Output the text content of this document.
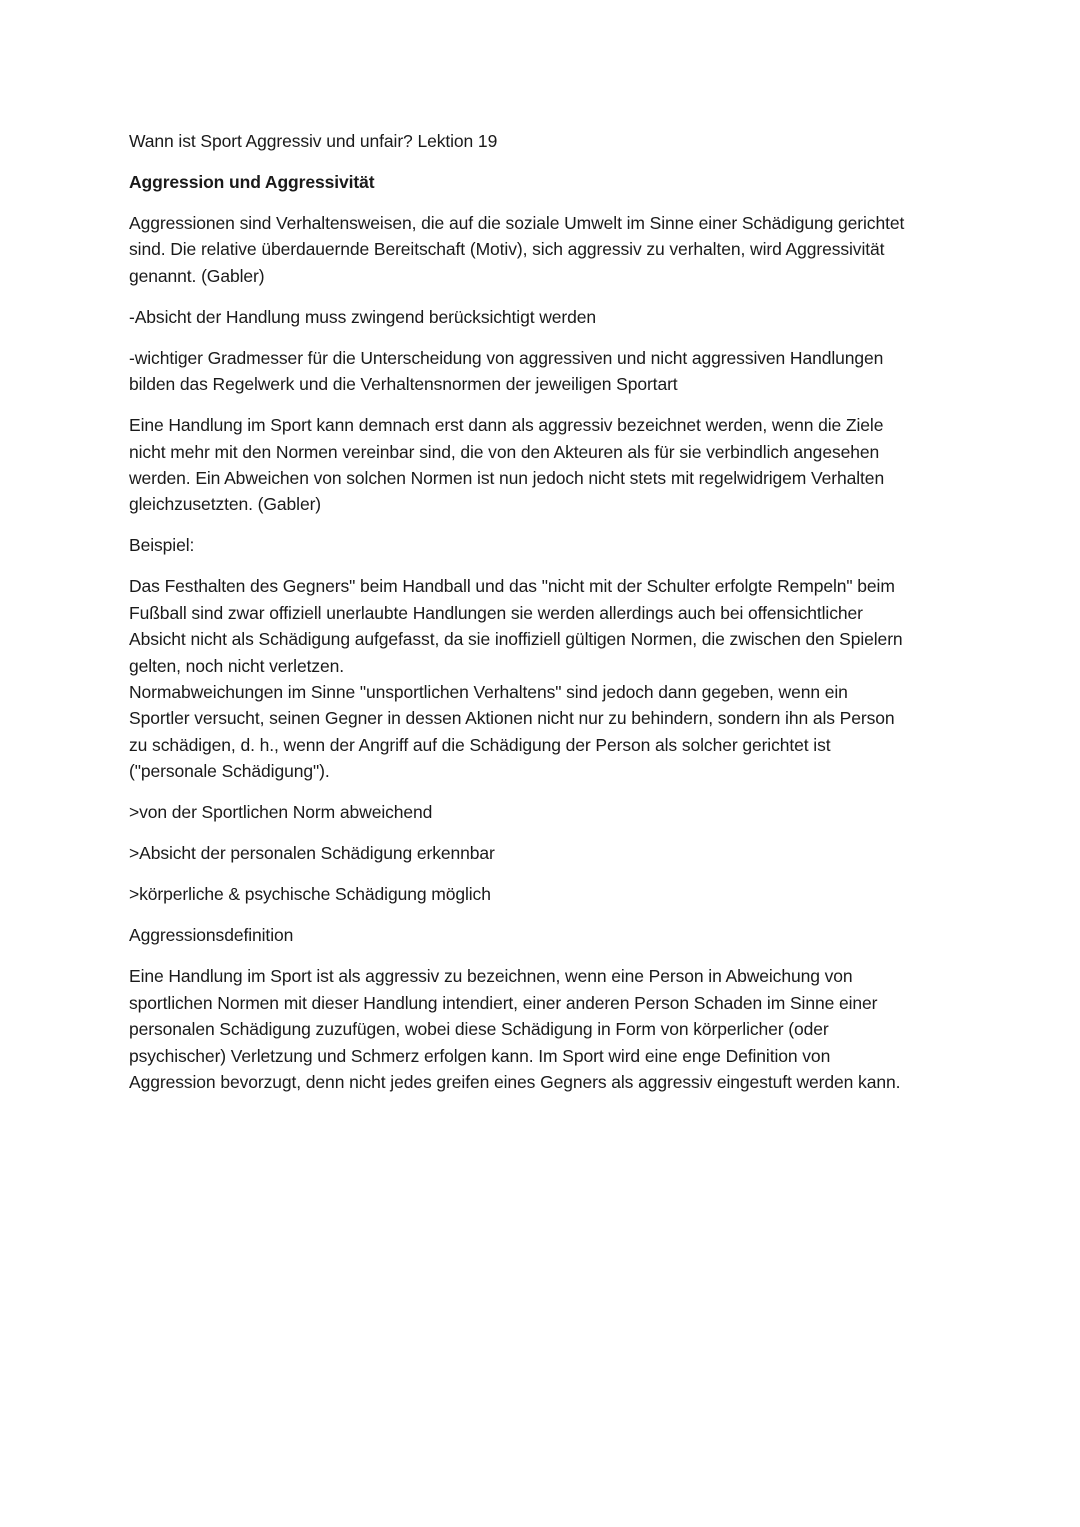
Wann ist Sport Aggressiv und unfair? Lektion 19

Aggression und Aggressivität

Aggressionen sind Verhaltensweisen, die auf die soziale Umwelt im Sinne einer Schädigung gerichtet
sind. Die relative überdauernde Bereitschaft (Motiv), sich aggressiv zu verhalten, wird Aggressivität
genannt. (Gabler)

-Absicht der Handlung muss zwingend berücksichtigt werden

-wichtiger Gradmesser für die Unterscheidung von aggressiven und nicht aggressiven Handlungen
bilden das Regelwerk und die Verhaltensnormen der jeweiligen Sportart

Eine Handlung im Sport kann demnach erst dann als aggressiv bezeichnet werden, wenn die Ziele
nicht mehr mit den Normen vereinbar sind, die von den Akteuren als für sie verbindlich angesehen
werden. Ein Abweichen von solchen Normen ist nun jedoch nicht stets mit regelwidrigem Verhalten
gleichzusetzten. (Gabler)

Beispiel:

Das Festhalten des Gegners" beim Handball und das "nicht mit der Schulter erfolgte Rempeln" beim
Fußball sind zwar offiziell unerlaubte Handlungen sie werden allerdings auch bei offensichtlicher
Absicht nicht als Schädigung aufgefasst, da sie inoffiziell gültigen Normen, die zwischen den Spielern
gelten, noch nicht verletzen.

Normabweichungen im Sinne "unsportlichen Verhaltens" sind jedoch dann gegeben, wenn ein
Sportler versucht, seinen Gegner in dessen Aktionen nicht nur zu behindern, sondern ihn als Person
zu schädigen, d. h., wenn der Angriff auf die Schädigung der Person als solcher gerichtet ist
("personale Schädigung").

>von der Sportlichen Norm abweichend

>Absicht der personalen Schädigung erkennbar

>körperliche & psychische Schädigung möglich

Aggressionsdefinition

Eine Handlung im Sport ist als aggressiv zu bezeichnen, wenn eine Person in Abweichung von
sportlichen Normen mit dieser Handlung intendiert, einer anderen Person Schaden im Sinne einer
personalen Schädigung zuzufügen, wobei diese Schädigung in Form von körperlicher (oder
psychischer) Verletzung und Schmerz erfolgen kann. Im Sport wird eine enge Definition von
Aggression bevorzugt, denn nicht jedes greifen eines Gegners als aggressiv eingestuft werden kann.
